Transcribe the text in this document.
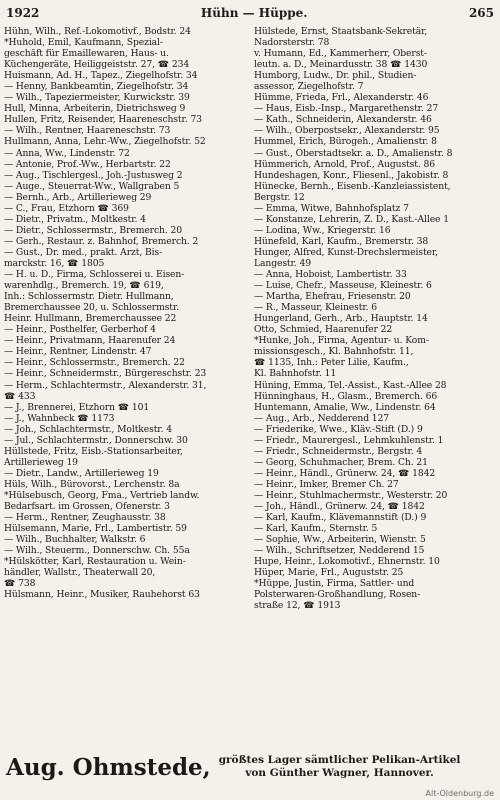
1922	Hühn — Hüppe.	265
Hühn, Wilh., Ref.-Lokomotivf., Bodstr. 24
*Huhold, Emil, Kaufmann, Spezial-
geschäft für Emaillewaren, Haus- u.
Küchengeräte, Heiliggeiststr. 27, ☎ 234
Huismann, Ad. H., Tapez., Ziegelhofstr. 34
— Henny, Bankbeamtin, Ziegelhofstr. 34
— Wilh., Tapeziermeister, Kurwickstr. 39
Hull, Minna, Arbeiterin, Dietrichsweg 9
Hullen, Fritz, Reisender, Haareneschstr. 73
— Wilh., Rentner, Haareneschstr. 73
Hullmann, Anna, Lehr.-Ww., Ziegelhofstr. 52
— Anna, Ww., Lindenstr. 72
— Antonie, Prof.-Ww., Herbartstr. 22
— Aug., Tischlergesl., Joh.-Justusweg 2
— Auge., Steuerrat-Ww., Wallgraben 5
— Bernh., Arb., Artillerieweg 29
— C., Frau, Etzhorn ☎ 369
— Dietr., Privatm., Moltkestr. 4
— Dietr., Schlossermstr., Bremerch. 20
— Gerh., Restaur. z. Bahnhof, Bremerch. 2
— Gust., Dr. med., prakt. Arzt, Bis-
marckstr. 16, ☎ 1805
— H. u. D., Firma, Schlosserei u. Eisen-
warenhdlg., Bremerch. 19, ☎ 619,
Inh.: Schlossermstr. Dietr. Hullmann,
Bremerchaussee 20, u. Schlossermstr.
Heinr. Hullmann, Bremerchaussee 22
— Heinr., Posthelfer, Gerberhof 4
— Heinr., Privatmann, Haarenufer 24
— Heinr., Rentner, Lindenstr. 47
— Heinr., Schlossermstr., Bremerch. 22
— Heinr., Schneidermstr., Bürgereschstr. 23
— Herm., Schlachtermstr., Alexanderstr. 31,
☎ 433
— J., Brennerei, Etzhorn ☎ 101
— J., Wahnbeck ☎ 1173
— Joh., Schlachtermstr., Moltkestr. 4
— Jul., Schlachtermstr., Donnerschw. 30
Hüllstede, Fritz, Eisb.-Stationsarbeiter,
Artillerieweg 19
— Dietr., Landw., Artillerieweg 19
Hüls, Wilh., Bürovorst., Lerchenstr. 8a
*Hülsebusch, Georg, Fma., Vertrieb landw.
Bedarfsart. im Grossen, Ofenerstr. 3
— Herm., Rentner, Zeughausstr. 38
Hülsemann, Marie, Frl., Lambertistr. 59
— Wilh., Buchhalter, Walkstr. 6
— Wilh., Steuerm., Donnerschw. Ch. 55a
*Hülskötter, Karl, Restauration u. Wein-
händler, Wallstr., Theaterwall 20,
☎ 738
Hülsmann, Heinr., Musiker, Rauhehorst 63
Hülstede, Ernst, Staatsbank-Sekretär,
Nadorsterstr. 78
v. Humann, Ed., Kammerherr, Oberst-
leutn. a. D., Meinardusstr. 38 ☎ 1430
Humborg, Ludw., Dr. phil., Studien-
assessor, Ziegelhofstr. 7
Hümme, Frieda, Frl., Alexanderstr. 46
— Haus, Eisb.-Insp., Margarethenstr. 27
— Kath., Schneiderin, Alexanderstr. 46
— Wilh., Oberpostsekr., Alexanderstr. 95
Hummel, Erich, Bürogeh., Amalienstr. 8
— Gust., Oberstadtsekr. a. D., Amalienstr. 8
Hümmerich, Arnold, Prof., Augustst. 86
Hundeshagen, Konr., Fliesenl., Jakobistr. 8
Hünecke, Bernh., Eisenb.-Kanzleiassistent,
Bergstr. 12
— Emma, Witwe, Bahnhofsplatz 7
— Konstanze, Lehrerin, Z. D., Kast.-Allee 1
— Lodina, Ww., Kriegerstr. 16
Hünefeld, Karl, Kaufm., Bremerstr. 38
Hunger, Alfred, Kunst-Drechslermeister,
Langestr. 49
— Anna, Hoboist, Lambertistr. 33
— Luise, Chefr., Masseuse, Kleinestr. 6
— Martha, Ehefrau, Friesenstr. 20
— R., Masseur, Kleinestr. 6
Hungerland, Gerh., Arb., Hauptstr. 14
Otto, Schmied, Haarenufer 22
*Hunke, Joh., Firma, Agentur- u. Kom-
missionsgesch., Kl. Bahnhofstr. 11,
☎ 1135, Inh.: Peter Lilie, Kaufm.,
Kl. Bahnhofstr. 11
Hüning, Emma, Tel.-Assist., Kast.-Allee 28
Hünninghaus, H., Glasm., Bremerch. 66
Huntemann, Amalie, Ww., Lindenstr. 64
— Aug., Arb., Nedderend 127
— Friederike, Wwe., Kläv.-Stift (D.) 9
— Friedr., Maurergesl., Lehmkuhlenstr. 1
— Friedr., Schneidermstr., Bergstr. 4
— Georg, Schuhmacher, Brem. Ch. 21
— Heinr., Händl., Grünerw. 24, ☎ 1842
— Heinr., Imker, Bremer Ch. 27
— Heinr., Stuhlmachermstr., Westerstr. 20
— Joh., Händl., Grünerw. 24, ☎ 1842
— Karl, Kaufm., Klävemannstift (D.) 9
— Karl, Kaufm., Sternstr. 5
— Sophie, Ww., Arbeiterin, Wienstr. 5
— Wilh., Schriftsetzer, Nedderend 15
Hupe, Heinr., Lokomotivf., Ehnernstr. 10
Hüper, Marie, Frl., Auguststr. 25
*Hüppe, Justin, Firma, Sattler- und
Polsterwaren-Großhandlung, Rosen-
straße 12, ☎ 1913
Aug. Ohmstede, größtes Lager sämtlicher Pelikan-Artikel
von Günther Wagner, Hannover.
Alt-Oldenburg.de
